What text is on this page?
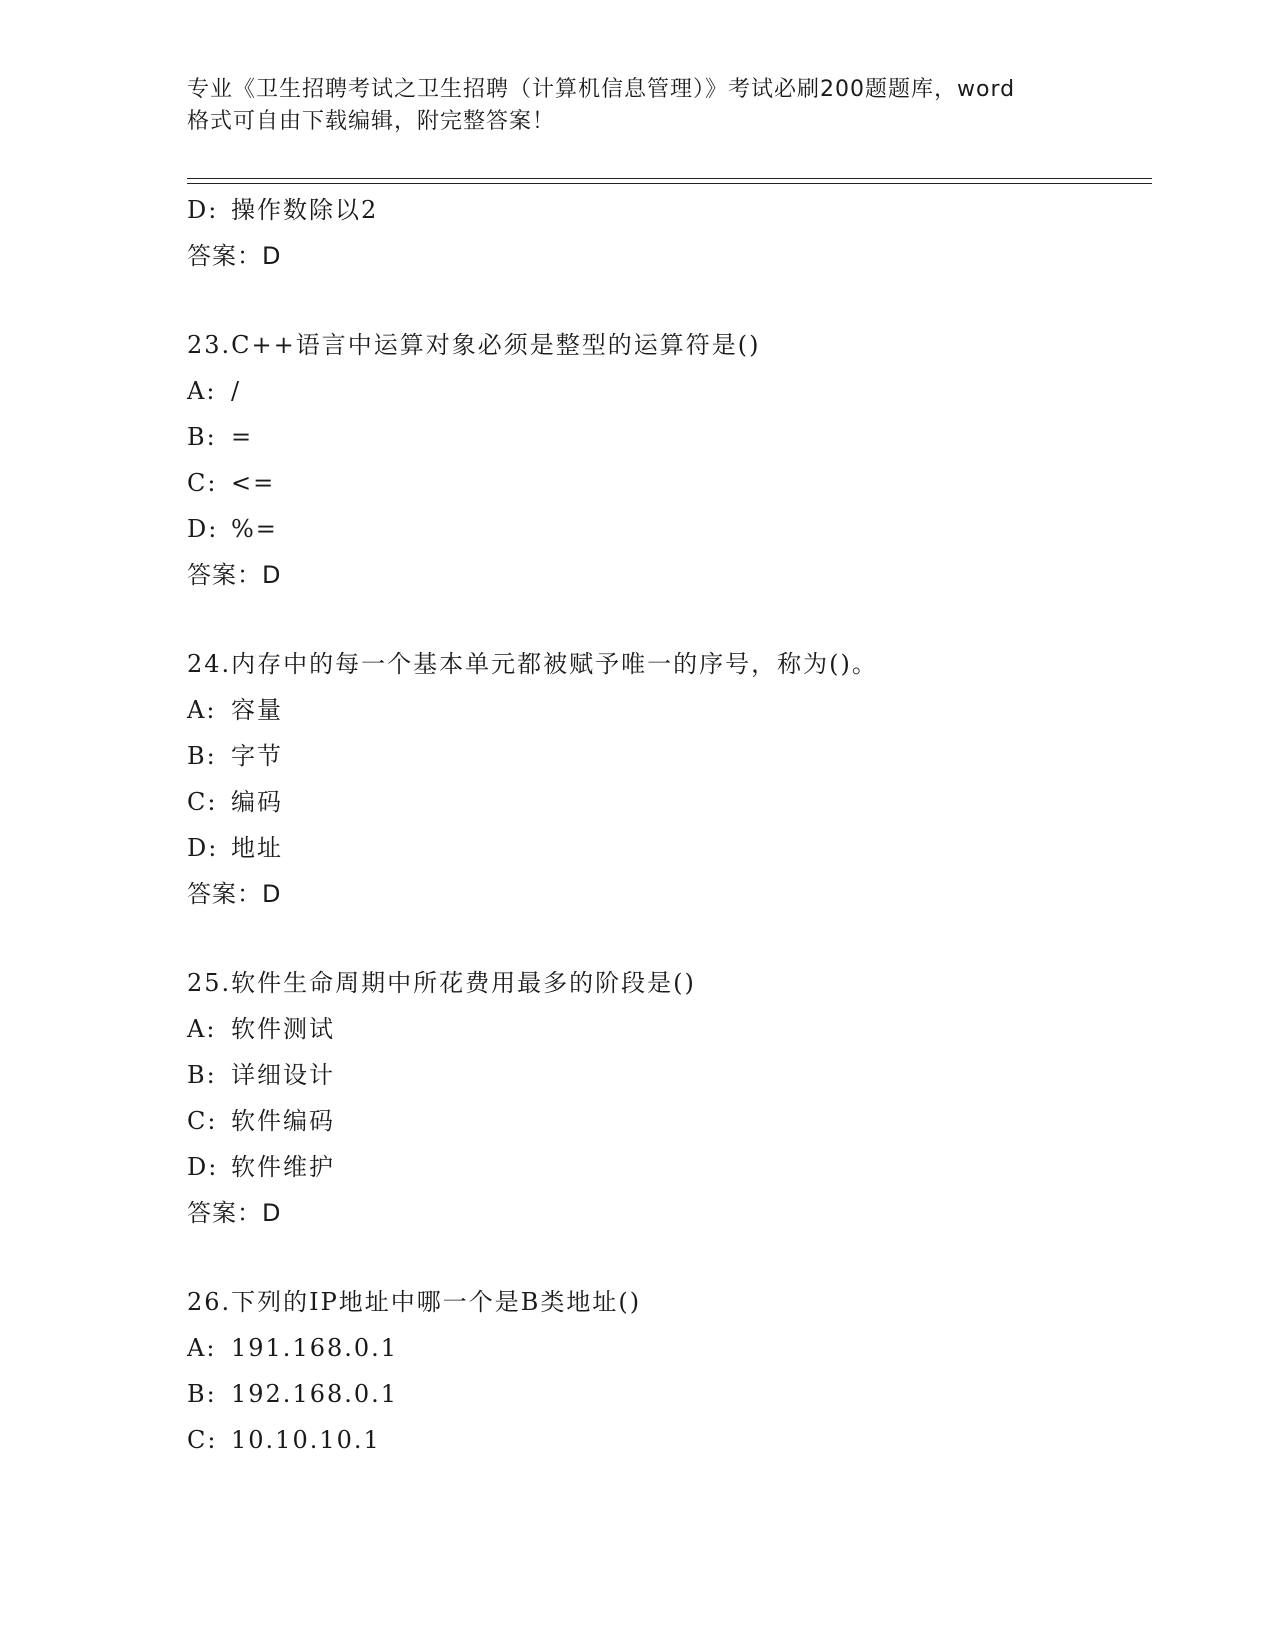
专业《卫生招聘考试之卫生招聘（计算机信息管理）》考试必刷200题题库，word
格式可自由下载编辑，附完整答案！
D: 操作数除以2
答案：D
23.C++语言中运算对象必须是整型的运算符是()
A: /
B: =
C: <=
D: %=
答案：D
24.内存中的每一个基本单元都被赋予唯一的序号，称为()。
A: 容量
B: 字节
C: 编码
D: 地址
答案：D
25.软件生命周期中所花费用最多的阶段是()
A: 软件测试
B: 详细设计
C: 软件编码
D: 软件维护
答案：D
26.下列的IP地址中哪一个是B类地址()
A: 191.168.0.1
B: 192.168.0.1
C: 10.10.10.1
